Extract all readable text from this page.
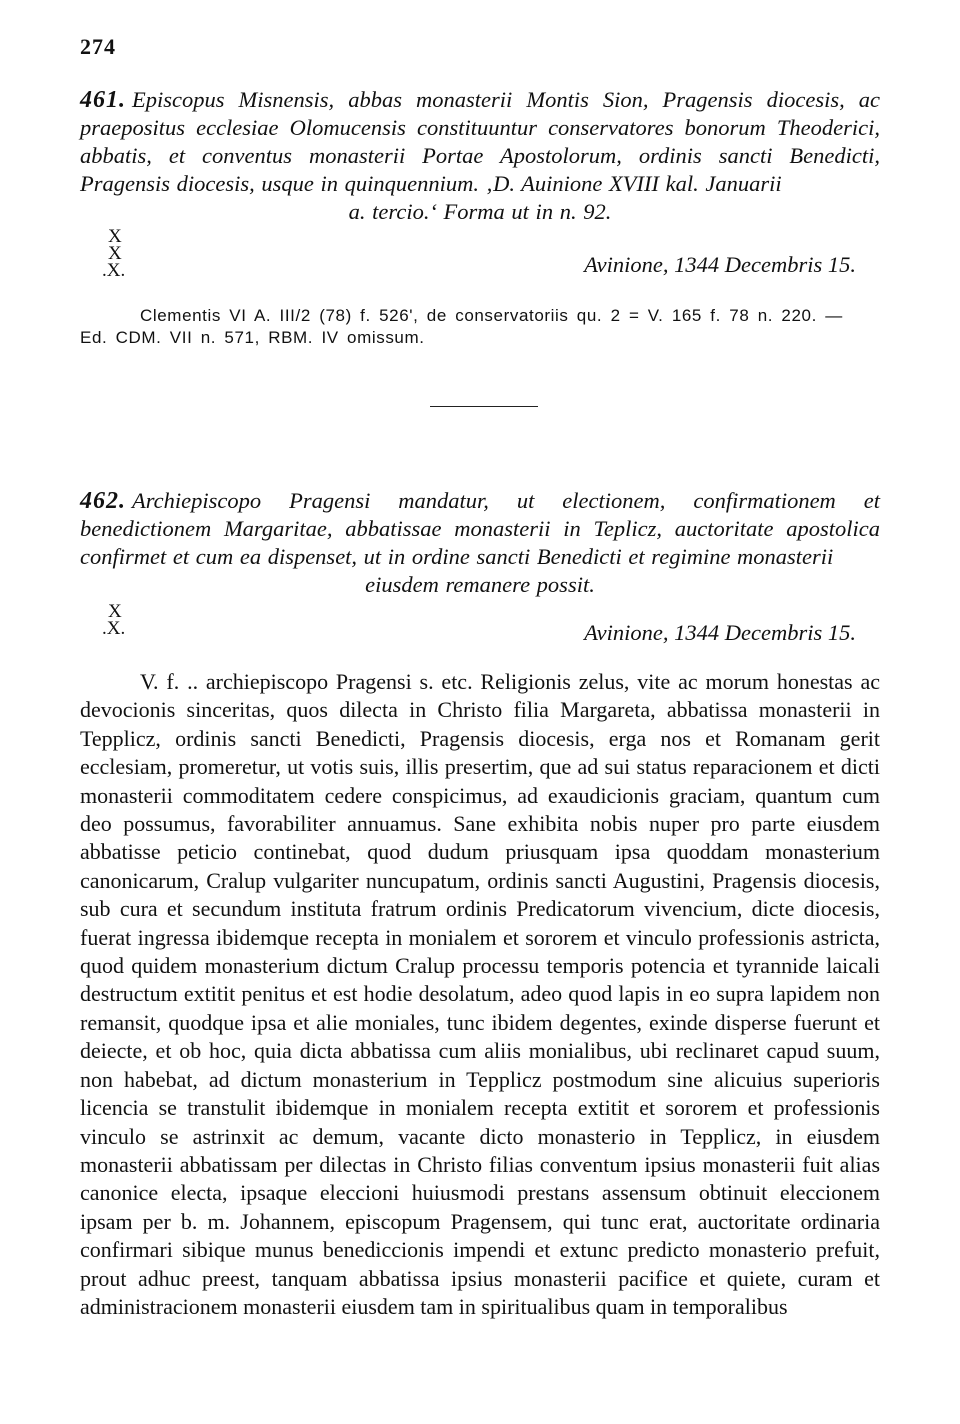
274
461. Episcopus Misnensis, abbas monasterii Montis Sion, Pragensis diocesis, ac praepositus ecclesiae Olomucensis constituuntur conservatores bonorum Theoderici, abbatis, et conventus monasterii Portae Apostolorum, ordinis sancti Benedicti, Pragensis diocesis, usque in quinquennium. ‚D. Auinione XVIII kal. Januarii
a. tercio.‘ Forma ut in n. 92.
X
X
.X.	Avinione, 1344 Decembris 15.
Clementis VI A. III/2 (78) f. 526', de conservatoriis qu. 2 = V. 165 f. 78 n. 220. —
Ed. CDM. VII n. 571, RBM. IV omissum.
462. Archiepiscopo Pragensi mandatur, ut electionem, confirmationem et benedictionem Margaritae, abbatissae monasterii in Teplicz, auctoritate apostolica confirmet et cum ea dispenset, ut in ordine sancti Benedicti et regimine monasterii
eiusdem remanere possit.
X
.X.	Avinione, 1344 Decembris 15.
V. f. .. archiepiscopo Pragensi s. etc. Religionis zelus, vite ac morum honestas ac devocionis sinceritas, quos dilecta in Christo filia Margareta, abbatissa monasterii in Tepplicz, ordinis sancti Benedicti, Pragensis diocesis, erga nos et Romanam gerit ecclesiam, promeretur, ut votis suis, illis presertim, que ad sui status reparacionem et dicti monasterii commoditatem cedere conspicimus, ad exaudicionis graciam, quantum cum deo possumus, favorabiliter annuamus. Sane exhibita nobis nuper pro parte eiusdem abbatisse peticio continebat, quod dudum priusquam ipsa quoddam monasterium canonicarum, Cralup vulgariter nuncupatum, ordinis sancti Augustini, Pragensis diocesis, sub cura et secundum instituta fratrum ordinis Predicatorum vivencium, dicte diocesis, fuerat ingressa ibidemque recepta in monialem et sororem et vinculo professionis astricta, quod quidem monasterium dictum Cralup processu temporis potencia et tyrannide laicali destructum extitit penitus et est hodie desolatum, adeo quod lapis in eo supra lapidem non remansit, quodque ipsa et alie moniales, tunc ibidem degentes, exinde disperse fuerunt et deiecte, et ob hoc, quia dicta abbatissa cum aliis monialibus, ubi reclinaret capud suum, non habebat, ad dictum monasterium in Tepplicz postmodum sine alicuius superioris licencia se transtulit ibidemque in monialem recepta extitit et sororem et professionis vinculo se astrinxit ac demum, vacante dicto monasterio in Tepplicz, in eiusdem monasterii abbatissam per dilectas in Christo filias conventum ipsius monasterii fuit alias canonice electa, ipsaque eleccioni huiusmodi prestans assensum obtinuit eleccionem ipsam per b. m. Johannem, episcopum Pragensem, qui tunc erat, auctoritate ordinaria confirmari sibique munus benediccionis impendi et extunc predicto monasterio prefuit, prout adhuc preest, tanquam abbatissa ipsius monasterii pacifice et quiete, curam et administracionem monasterii eiusdem tam in spiritualibus quam in temporalibus
